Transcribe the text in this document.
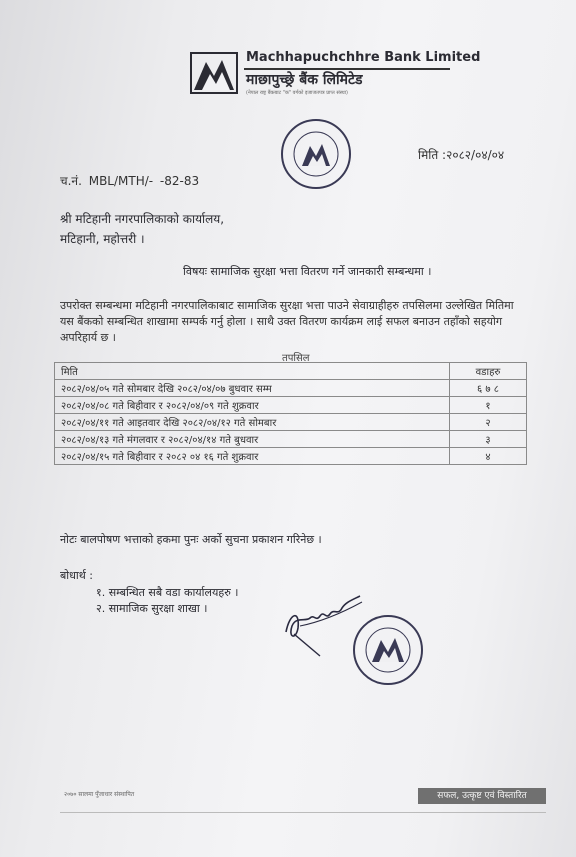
Machhapuchchhre Bank Limited
माछापुच्छ्रे बैंक लिमिटेड
(नेपाल राष्ट्र बैंकबाट "क" वर्गको इजाजतपत्र प्राप्त संस्था)
मिति :२०८२/०४/०४
च.नं. MBL/MTH/- -82-83
श्री मटिहानी नगरपालिकाको कार्यालय,
मटिहानी, महोत्तरी ।
विषयः सामाजिक सुरक्षा भत्ता वितरण गर्ने जानकारी सम्बन्धमा ।
उपरोक्त सम्बन्धमा मटिहानी नगरपालिकाबाट सामाजिक सुरक्षा भत्ता पाउने सेवाग्राहीहरु तपसिलमा उल्लेखित मितिमा यस बैंकको सम्बन्धित शाखामा सम्पर्क गर्नु होला । साथै उक्त वितरण कार्यक्रम लाई सफल बनाउन तहाँको सहयोग अपरिहार्य छ ।
तपसिल
मिति	वडाहरु
२०८२/०४/०५ गते सोमबार देखि २०८२/०४/०७ बुधवार सम्म	६ ७ ८
२०८२/०४/०८ गते बिहीवार र २०८२/०४/०९ गते शुक्रवार	१
२०८२/०४/११ गते आइतवार देखि २०८२/०४/१२ गते सोमबार	२
२०८२/०४/१३ गते मंगलवार र २०८२/०४/१४ गते बुधवार	३
२०८२/०४/१५ गते बिहीवार र २०८२ ०४ १६ गते शुक्रवार	४
नोटः बालपोषण भत्ताको हकमा पुनः अर्को सुचना प्रकाशन गरिनेछ ।
बोधार्थ :
१. सम्बन्धित सबै वडा कार्यालयहरु ।
२. सामाजिक सुरक्षा शाखा ।
२०७० सालमा पुँजाधार संस्थापित	सफल, उत्कृष्ट एवं विस्तारित
